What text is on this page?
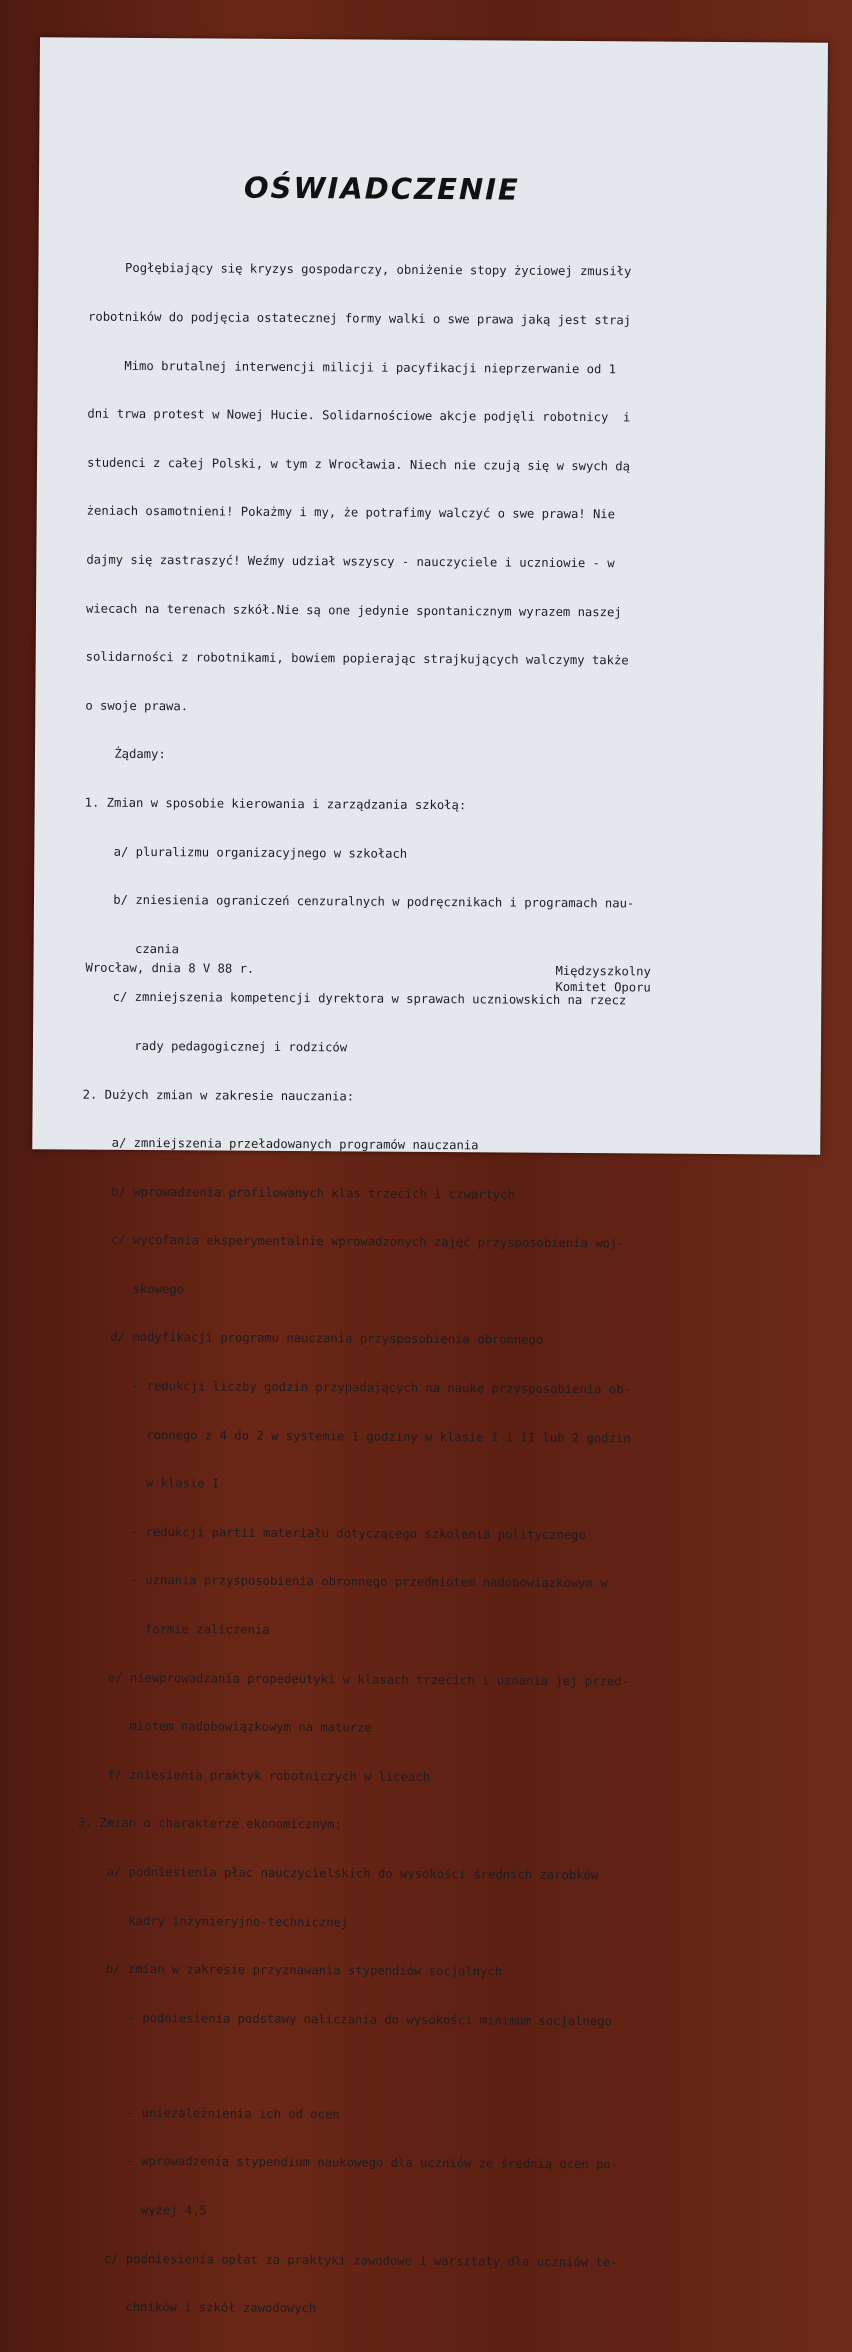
OŚWIADCZENIE

Pogłębiający się kryzys gospodarczy, obniżenie stopy życiowej zmusiły

robotników do podjęcia ostatecznej formy walki o swe prawa jaką jest straj

Mimo brutalnej interwencji milicji i pacyfikacji nieprzerwanie od 1

dni trwa protest w Nowej Hucie. Solidarnościowe akcje podjęli robotnicy  i

studenci z całej Polski, w tym z Wrocławia. Niech nie czują się w swych dą

żeniach osamotnieni! Pokażmy i my, że potrafimy walczyć o swe prawa! Nie

dajmy się zastraszyć! Weźmy udział wszyscy - nauczyciele i uczniowie - w

wiecach na terenach szkół.Nie są one jedynie spontanicznym wyrazem naszej

solidarności z robotnikami, bowiem popierając strajkujących walczymy także

o swoje prawa.

Żądamy:

1. Zmian w sposobie kierowania i zarządzania szkołą:

a/ pluralizmu organizacyjnego w szkołach

b/ zniesienia ograniczeń cenzuralnych w podręcznikach i programach nau-

czania

c/ zmniejszenia kompetencji dyrektora w sprawach uczniowskich na rzecz

rady pedagogicznej i rodziców

2. Dużych zmian w zakresie nauczania:

a/ zmniejszenia przeładowanych programów nauczania

b/ wprowadzenia profilowanych klas trzecich i czwartych

c/ wycofania eksperymentalnie wprowadzonych zajęć przysposobienia woj-

skowego

d/ modyfikacji programu nauczania przysposobienia obronnego

- redukcji liczby godzin przypadających na naukę przysposobienia ob-

ronnego z 4 do 2 w systemie 1 godziny w klasie I i II lub 2 godzin

w klasie I

- redukcji partii materiału dotyczącego szkolenia politycznego

- uznania przysposobienia obronnego przedmiotem nadobowiązkowym w

formie zaliczenia

e/ niewprowadzania propedeutyki w klasach trzecich i uznania jej przed-

miotem nadobowiązkowym na maturze

f/ zniesienia praktyk robotniczych w liceach

3. Zmian o charakterze ekonomicznym:

a/ podniesienia płac nauczycielskich do wysokości średnich zarobków

kadry inżynieryjno-technicznej

b/ zmian w zakresie przyznawania stypendiów socjalnych

- podniesienia podstawy naliczania do wysokości minimum socjalnego

- uniezależnienia ich od ocen

- wprowadzenia stypendium naukowego dla uczniów ze średnią ocen po-

wyżej 4,5

c/ podniesienia opłat za praktyki zawodowe i warsztaty dla uczniów te-

chników i szkół zawodowych

Wrocław, dnia 8 V 88 r.	Międzyszkolny
Komitet Oporu
